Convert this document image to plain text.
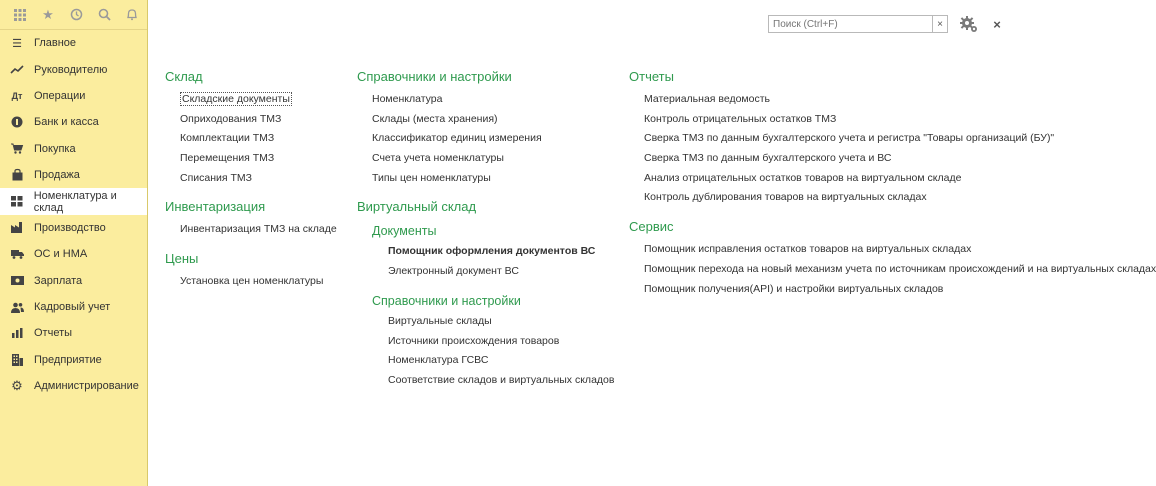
★
☰ Главное
Руководителю
Дт Операции
Банк и касса
Покупка
Продажа
Номенклатура и склад
Производство
ОС и НМА
Зарплата
Кадровый учет
Отчеты
Предприятие
⚙ Администрирование
Поиск (Ctrl+F)
×	×
Склад
Складские документы
Оприходования ТМЗ
Комплектации ТМЗ
Перемещения ТМЗ
Списания ТМЗ
Инвентаризация
Инвентаризация ТМЗ на складе
Цены
Установка цен номенклатуры
Справочники и настройки
Номенклатура
Склады (места хранения)
Классификатор единиц измерения
Счета учета номенклатуры
Типы цен номенклатуры
Виртуальный склад
Документы
Помощник оформления документов ВС
Электронный документ ВС
Справочники и настройки
Виртуальные склады
Источники происхождения товаров
Номенклатура ГСВС
Соответствие складов и виртуальных складов
Отчеты
Материальная ведомость
Контроль отрицательных остатков ТМЗ
Сверка ТМЗ по данным бухгалтерского учета и регистра "Товары организаций (БУ)"
Сверка ТМЗ по данным бухгалтерского учета и ВС
Анализ отрицательных остатков товаров на виртуальном складе
Контроль дублирования товаров на виртуальных складах
Сервис
Помощник исправления остатков товаров на виртуальных складах
Помощник перехода на новый механизм учета по источникам происхождений и на виртуальных складах
Помощник получения(API) и настройки виртуальных складов
